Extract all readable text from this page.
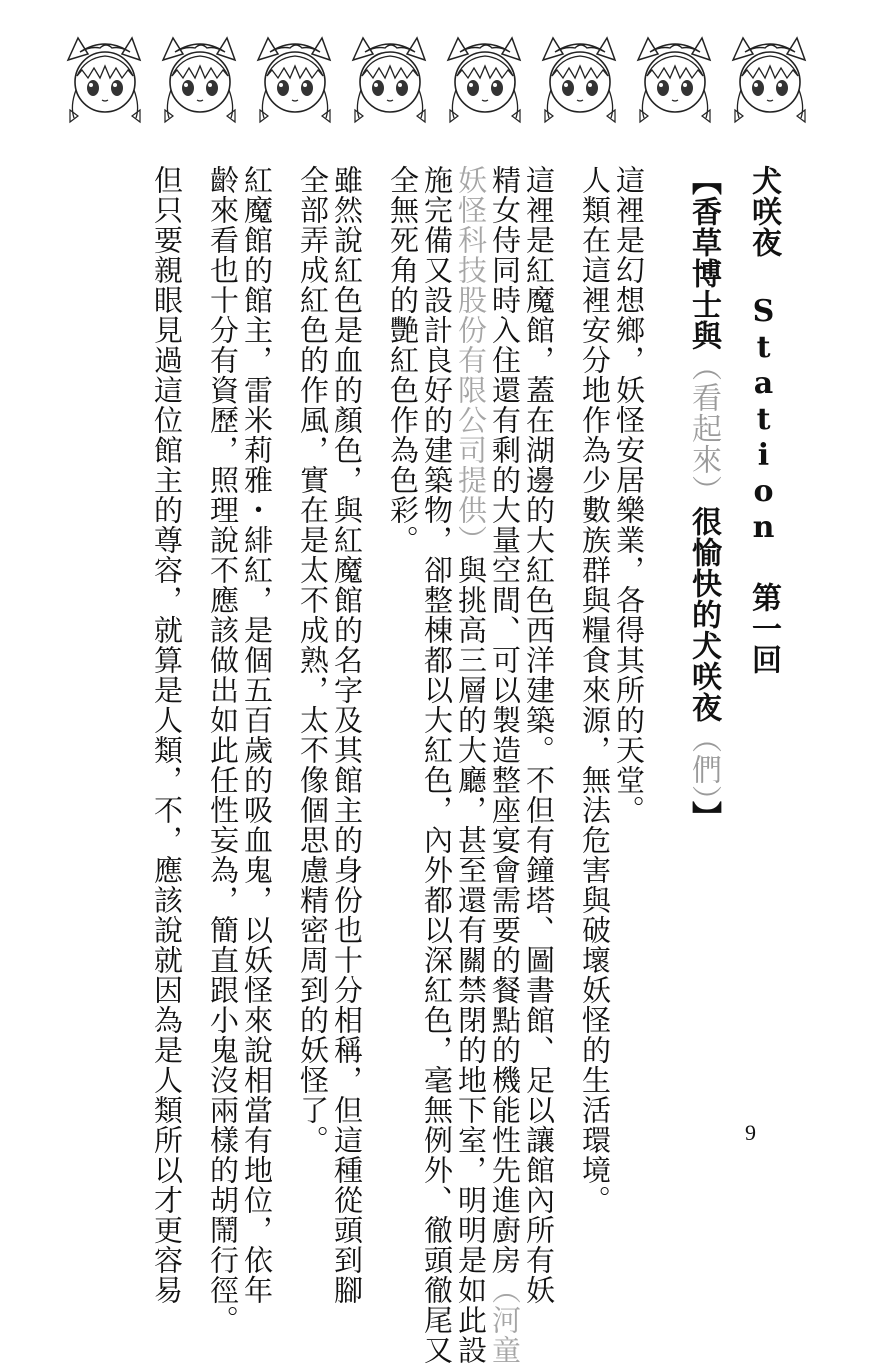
犬咲夜 Station 第一回

【香草博士與（看起來）很愉快的犬咲夜（們）】

這裡是幻想鄉，妖怪安居樂業，各得其所的天堂。

人類在這裡安分地作為少數族群與糧食來源，無法危害與破壞妖怪的生活環境。

這裡是紅魔館，蓋在湖邊的大紅色西洋建築。不但有鐘塔、圖書館、足以讓館內所有妖

精女侍同時入住還有剩的大量空間、可以製造整座宴會需要的餐點的機能性先進廚房（河童

妖怪科技股份有限公司提供）與挑高三層的大廳，甚至還有關禁閉的地下室，明明是如此設

施完備又設計良好的建築物，卻整棟都以大紅色，內外都以深紅色，毫無例外、徹頭徹尾又

全無死角的艷紅色作為色彩。

雖然說紅色是血的顏色，與紅魔館的名字及其館主的身份也十分相稱，但這種從頭到腳

全部弄成紅色的作風，實在是太不成熟，太不像個思慮精密周到的妖怪了。

紅魔館的館主，雷米莉雅・緋紅，是個五百歲的吸血鬼，以妖怪來說相當有地位，依年

齡來看也十分有資歷，照理說不應該做出如此任性妄為，簡直跟小鬼沒兩樣的胡鬧行徑。

但只要親眼見過這位館主的尊容，就算是人類，不，應該說就因為是人類所以才更容易	9
